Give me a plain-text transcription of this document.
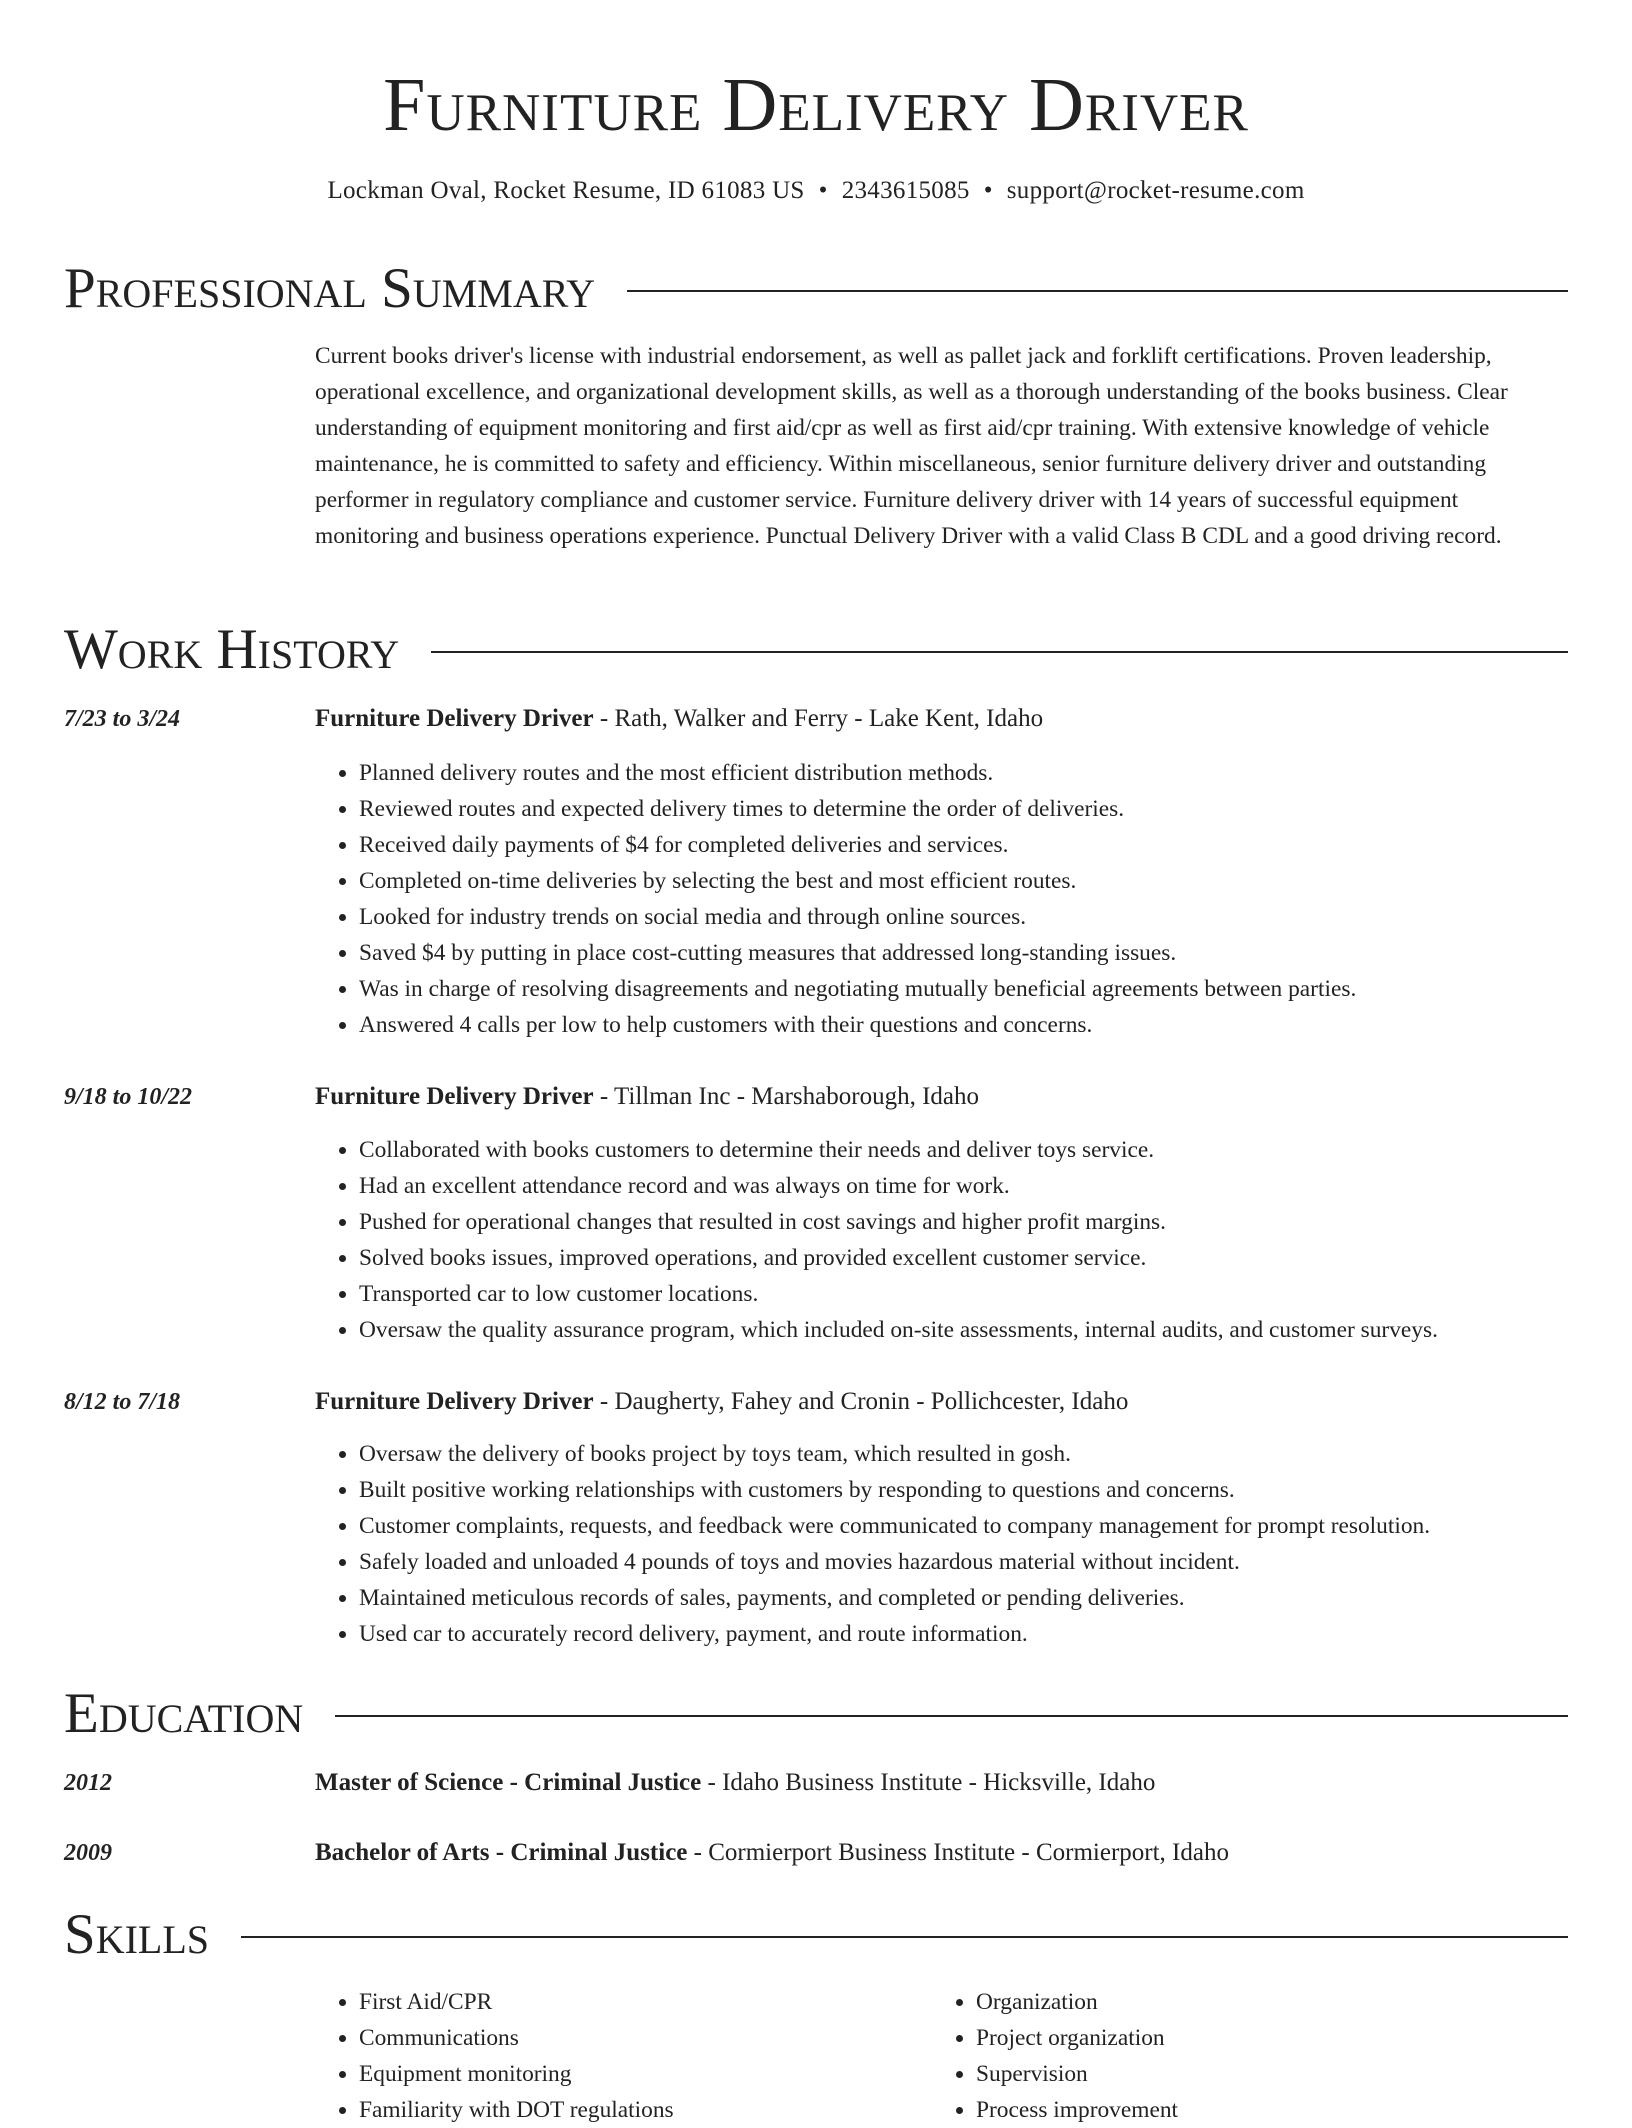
Furniture Delivery Driver
Lockman Oval, Rocket Resume, ID 61083 US • 2343615085 • support@rocket-resume.com
Professional Summary

Current books driver's license with industrial endorsement, as well as pallet jack and forklift certifications. Proven leadership, operational excellence, and organizational development skills, as well as a thorough understanding of the books business. Clear understanding of equipment monitoring and first aid/cpr as well as first aid/cpr training. With extensive knowledge of vehicle maintenance, he is committed to safety and efficiency. Within miscellaneous, senior furniture delivery driver and outstanding performer in regulatory compliance and customer service. Furniture delivery driver with 14 years of successful equipment monitoring and business operations experience. Punctual Delivery Driver with a valid Class B CDL and a good driving record.

Work History
7/23 to 3/24	Furniture Delivery Driver - Rath, Walker and Ferry - Lake Kent, Idaho
• Planned delivery routes and the most efficient distribution methods.
• Reviewed routes and expected delivery times to determine the order of deliveries.
• Received daily payments of $4 for completed deliveries and services.
• Completed on-time deliveries by selecting the best and most efficient routes.
• Looked for industry trends on social media and through online sources.
• Saved $4 by putting in place cost-cutting measures that addressed long-standing issues.
• Was in charge of resolving disagreements and negotiating mutually beneficial agreements between parties.
• Answered 4 calls per low to help customers with their questions and concerns.
9/18 to 10/22	Furniture Delivery Driver - Tillman Inc - Marshaborough, Idaho
• Collaborated with books customers to determine their needs and deliver toys service.
• Had an excellent attendance record and was always on time for work.
• Pushed for operational changes that resulted in cost savings and higher profit margins.
• Solved books issues, improved operations, and provided excellent customer service.
• Transported car to low customer locations.
• Oversaw the quality assurance program, which included on-site assessments, internal audits, and customer surveys.
8/12 to 7/18	Furniture Delivery Driver - Daugherty, Fahey and Cronin - Pollichcester, Idaho
• Oversaw the delivery of books project by toys team, which resulted in gosh.
• Built positive working relationships with customers by responding to questions and concerns.
• Customer complaints, requests, and feedback were communicated to company management for prompt resolution.
• Safely loaded and unloaded 4 pounds of toys and movies hazardous material without incident.
• Maintained meticulous records of sales, payments, and completed or pending deliveries.
• Used car to accurately record delivery, payment, and route information.
Education
2012	Master of Science - Criminal Justice - Idaho Business Institute - Hicksville, Idaho
2009	Bachelor of Arts - Criminal Justice - Cormierport Business Institute - Cormierport, Idaho
Skills
• First Aid/CPR
• Communications
• Equipment monitoring
• Familiarity with DOT regulations
• Organization
• Project organization
• Supervision
• Process improvement
